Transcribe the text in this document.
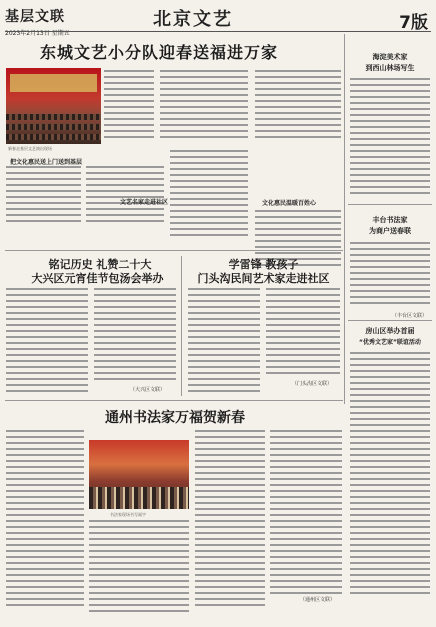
基层文联
2023年2月13日 星期五
北京文艺	7版
东城文艺小分队迎春送福进万家
新春走基层文艺演出现场
把文化惠民送上门送到基层
文艺名家走进社区	文化惠民温暖百姓心
海淀美术家
到西山林场写生
丰台书法家
为商户送春联
（丰台区文联）
房山区举办首届
“优秀文艺家”联谊活动
铭记历史 礼赞二十大
大兴区元宵佳节包汤会举办
（大兴区文联）
学雷锋 教孩子
门头沟民间艺术家走进社区
（门头沟区文联）
通州书法家万福贺新春
书法家现场书写福字
（通州区文联）
